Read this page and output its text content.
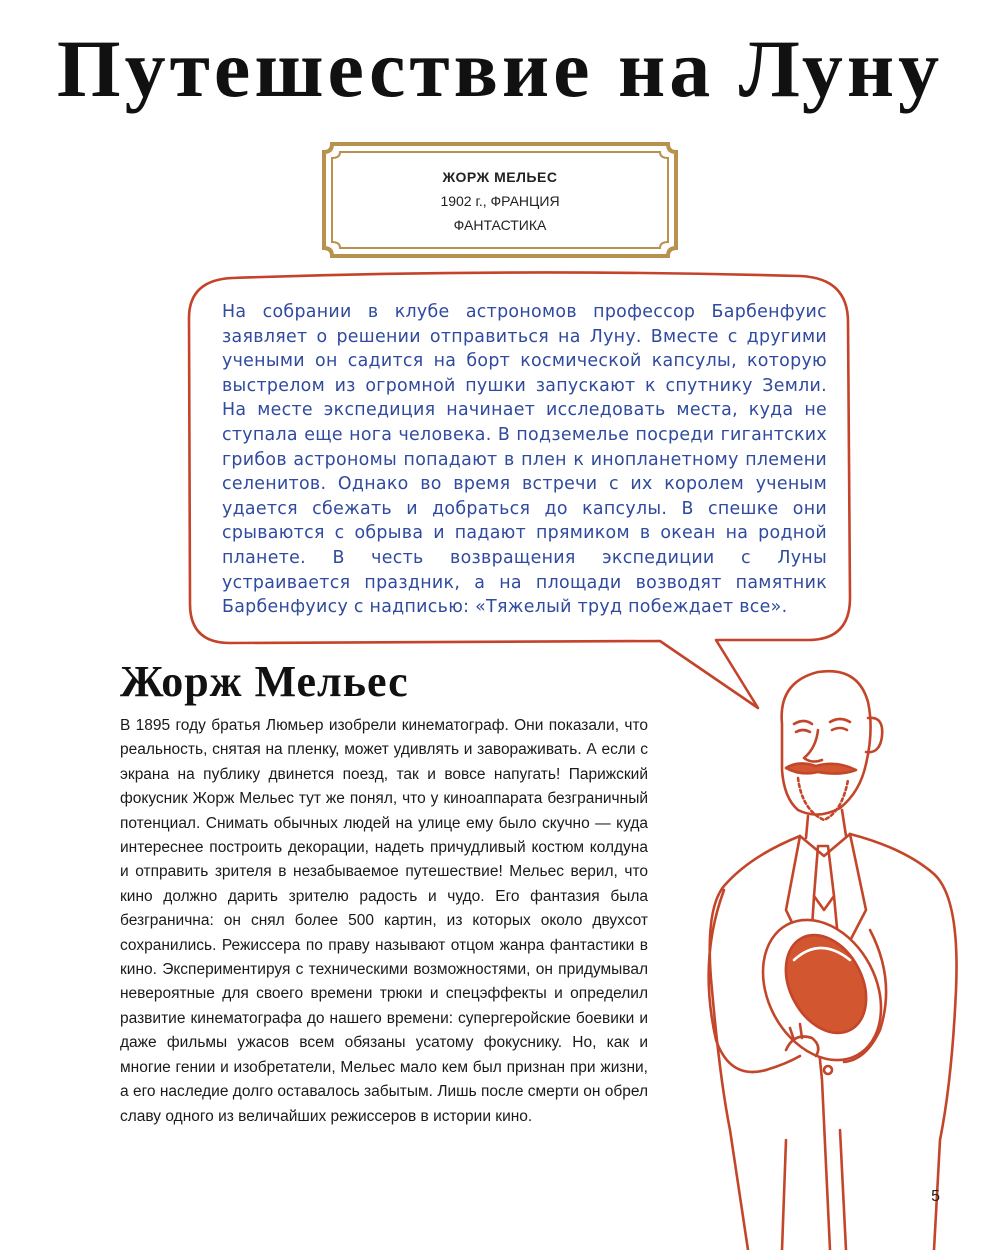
Путешествие на Луну
ЖОРЖ МЕЛЬЕС
1902 г., ФРАНЦИЯ
ФАНТАСТИКА

На собрании в клубе астрономов профессор Барбенфуис заявляет о решении отправиться на Луну. Вместе с другими учеными он садится на борт космической капсулы, которую выстрелом из огромной пушки запускают к спутнику Земли. На месте экспедиция начинает исследовать места, куда не ступала еще нога человека. В подземелье посреди гигантских грибов астрономы попадают в плен к инопланетному племени селенитов. Однако во время встречи с их королем ученым удается сбежать и добраться до капсулы. В спешке они срываются с обрыва и падают прямиком в океан на родной планете. В честь возвращения экспедиции с Луны устраивается праздник, а на площади возводят памятник Барбенфуису с надписью: «Тяжелый труд побеждает все».

Жорж Мельес

В 1895 году братья Люмьер изобрели кинематограф. Они показали, что реальность, снятая на пленку, может удивлять и завораживать. А если с экрана на публику двинется поезд, так и вовсе напугать! Парижский фокусник Жорж Мельес тут же понял, что у киноаппарата безграничный потенциал. Снимать обычных людей на улице ему было скучно — куда интереснее построить декорации, надеть причудливый костюм колдуна и отправить зрителя в незабываемое путешествие! Мельес верил, что кино должно дарить зрителю радость и чудо. Его фантазия была безгранична: он снял более 500 картин, из которых около двухсот сохранились. Режиссера по праву называют отцом жанра фантастики в кино. Экспериментируя с техническими возможностями, он придумывал невероятные для своего времени трюки и спецэффекты и определил развитие кинематографа до нашего времени: супергеройские боевики и даже фильмы ужасов всем обязаны усатому фокуснику. Но, как и многие гении и изобретатели, Мельес мало кем был признан при жизни, а его наследие долго оставалось забытым. Лишь после смерти он обрел славу одного из величайших режиссеров в истории кино.

5
